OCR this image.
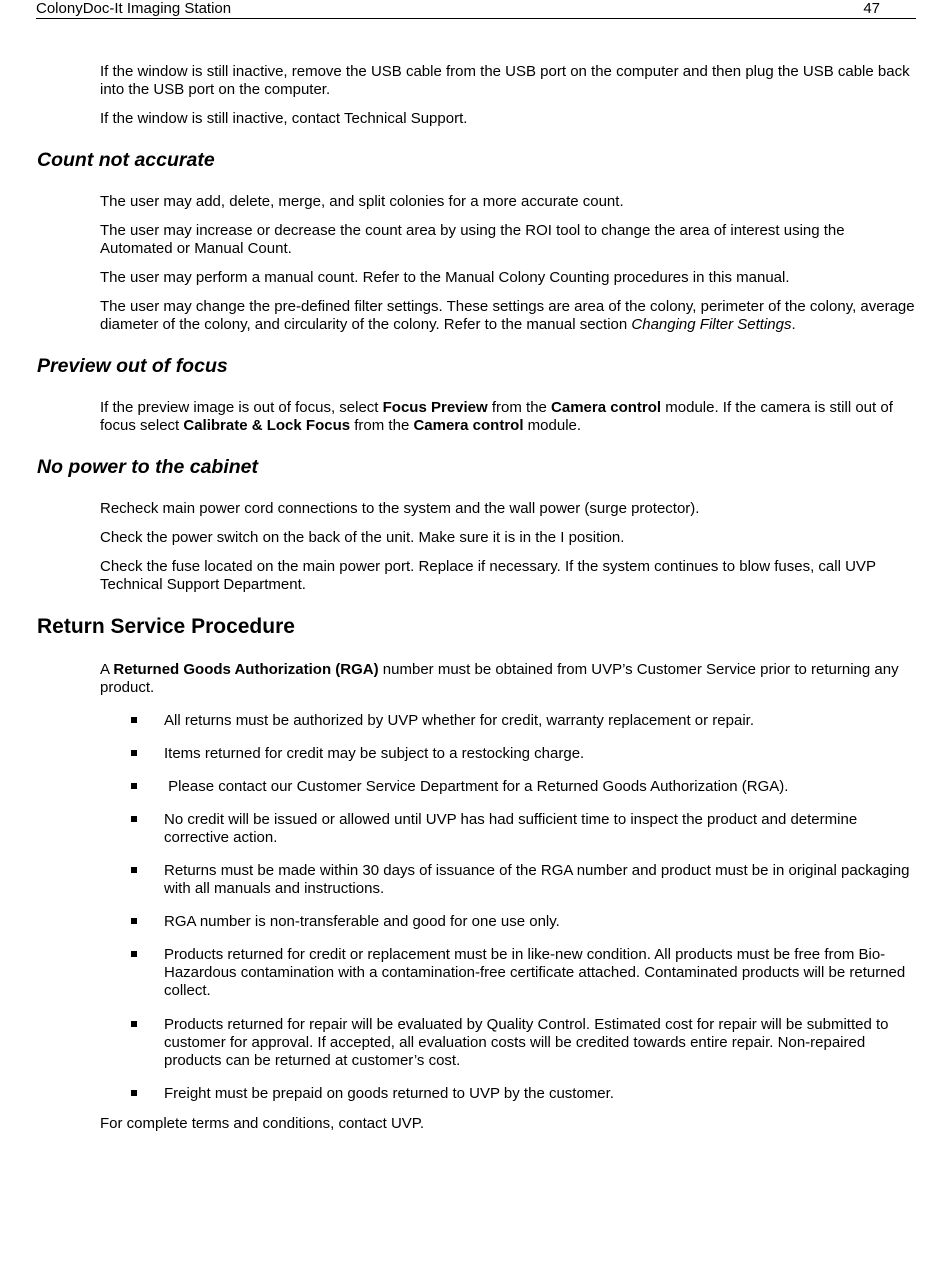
ColonyDoc-It Imaging Station	47

If the window is still inactive, remove the USB cable from the USB port on the computer and then plug the USB cable back into the USB port on the computer.

If the window is still inactive, contact Technical Support.

Count not accurate

The user may add, delete, merge, and split colonies for a more accurate count.

The user may increase or decrease the count area by using the ROI tool to change the area of interest using the Automated or Manual Count.

The user may perform a manual count. Refer to the Manual Colony Counting procedures in this manual.

The user may change the pre-defined filter settings. These settings are area of the colony, perimeter of the colony, average diameter of the colony, and circularity of the colony. Refer to the manual section Changing Filter Settings.

Preview out of focus

If the preview image is out of focus, select Focus Preview from the Camera control module. If the camera is still out of focus select Calibrate & Lock Focus from the Camera control module.

No power to the cabinet

Recheck main power cord connections to the system and the wall power (surge protector).

Check the power switch on the back of the unit. Make sure it is in the I position.

Check the fuse located on the main power port. Replace if necessary. If the system continues to blow fuses, call UVP Technical Support Department.

Return Service Procedure

A Returned Goods Authorization (RGA) number must be obtained from UVP’s Customer Service prior to returning any product.

All returns must be authorized by UVP whether for credit, warranty replacement or repair.
Items returned for credit may be subject to a restocking charge.
Please contact our Customer Service Department for a Returned Goods Authorization (RGA).
No credit will be issued or allowed until UVP has had sufficient time to inspect the product and determine corrective action.
Returns must be made within 30 days of issuance of the RGA number and product must be in original packaging with all manuals and instructions.
RGA number is non-transferable and good for one use only.
Products returned for credit or replacement must be in like-new condition. All products must be free from Bio-Hazardous contamination with a contamination-free certificate attached. Contaminated products will be returned collect.
Products returned for repair will be evaluated by Quality Control. Estimated cost for repair will be submitted to customer for approval. If accepted, all evaluation costs will be credited towards entire repair. Non-repaired products can be returned at customer’s cost.
Freight must be prepaid on goods returned to UVP by the customer.

For complete terms and conditions, contact UVP.
